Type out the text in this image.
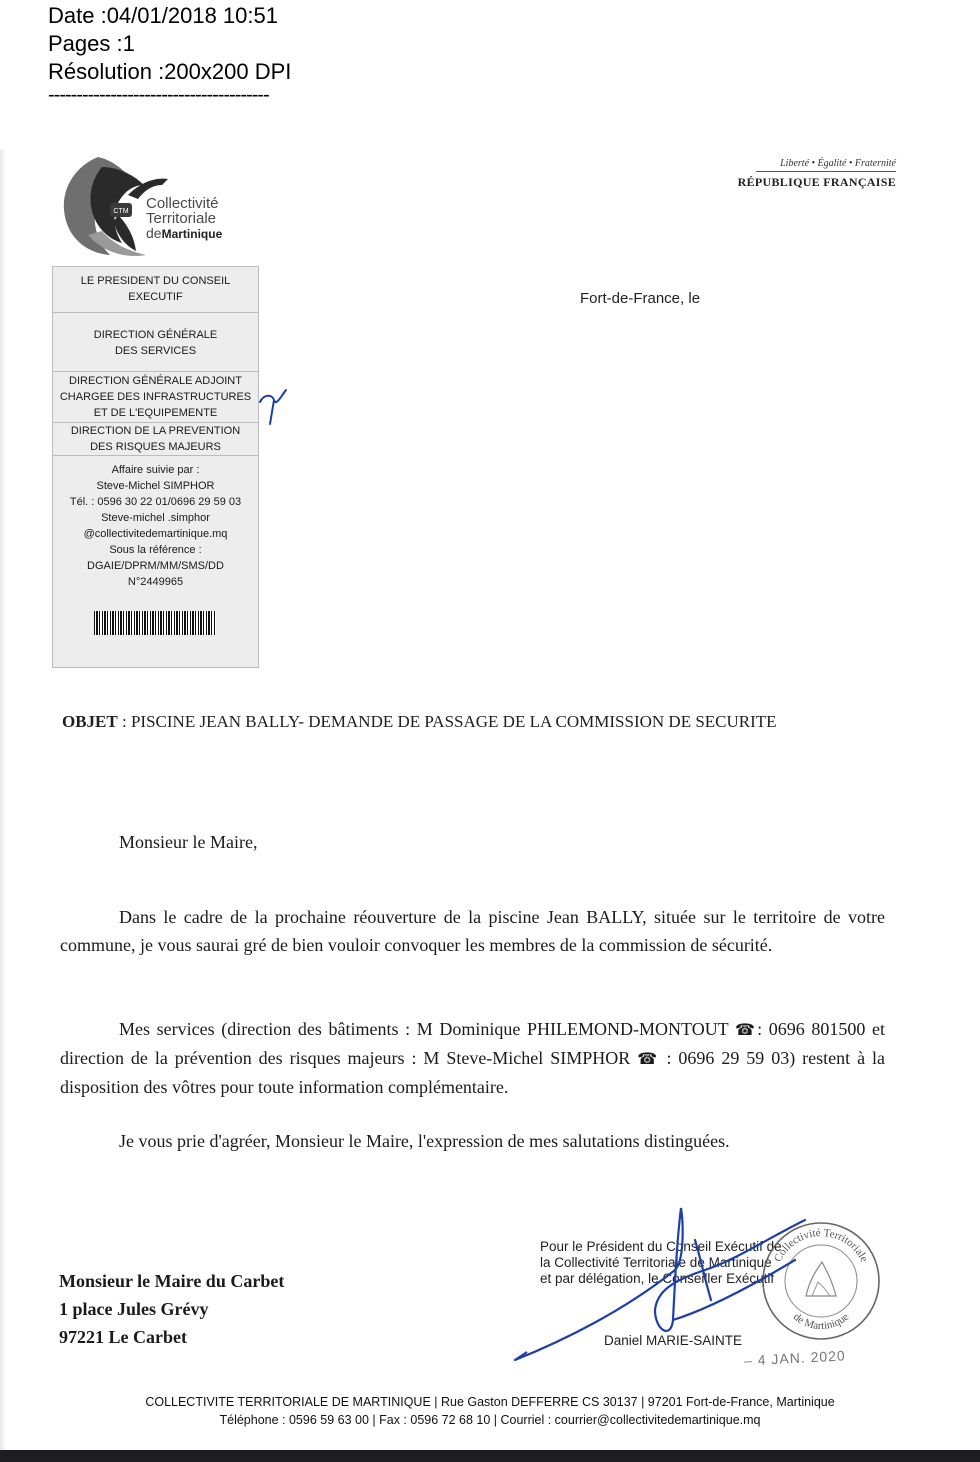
Date :04/01/2018 10:51
Pages :1
Résolution :200x200 DPI
---------------------------------------
CTM Collectivité
Territoriale
deMartinique
Liberté • Égalité • Fraternité
RÉPUBLIQUE FRANÇAISE
LE PRESIDENT DU CONSEIL
EXECUTIF
DIRECTION GÉNÉRALE
DES SERVICES
DIRECTION GÉNÉRALE ADJOINT
CHARGEE DES INFRASTRUCTURES
ET DE L'EQUIPEMENTE
DIRECTION DE LA PREVENTION
DES RISQUES MAJEURS
Affaire suivie par :
Steve-Michel SIMPHOR
Tél. : 0596 30 22 01/0696 29 59 03
Steve-michel .simphor
@collectivitedemartinique.mq
Sous la référence :
DGAIE/DPRM/MM/SMS/DD
N°2449965
Fort-de-France, le
OBJET : PISCINE JEAN BALLY- DEMANDE DE PASSAGE DE LA COMMISSION DE SECURITE
Monsieur le Maire,
Dans le cadre de la prochaine réouverture de la piscine Jean BALLY, située sur le territoire de votre commune, je vous saurai gré de bien vouloir convoquer les membres de la commission de sécurité.
Mes services (direction des bâtiments : M Dominique PHILEMOND-MONTOUT ☎: 0696 801500 et direction de la prévention des risques majeurs : M Steve-Michel SIMPHOR ☎ : 0696 29 59 03) restent à la disposition des vôtres pour toute information complémentaire.
Je vous prie d'agréer, Monsieur le Maire, l'expression de mes salutations distinguées.
Monsieur le Maire du Carbet
1 place Jules Grévy
97221 Le Carbet
Pour le Président du Conseil Exécutif de
la Collectivité Territoriale de Martinique
et par délégation, le Conseiller Exécutif
Daniel MARIE-SAINTE
– 4 JAN. 2020
Collectivité Territoriale
de Martinique
COLLECTIVITE TERRITORIALE DE MARTINIQUE | Rue Gaston DEFFERRE CS 30137 | 97201 Fort-de-France, Martinique
Téléphone : 0596 59 63 00 | Fax : 0596 72 68 10 | Courriel : courrier@collectivitedemartinique.mq
